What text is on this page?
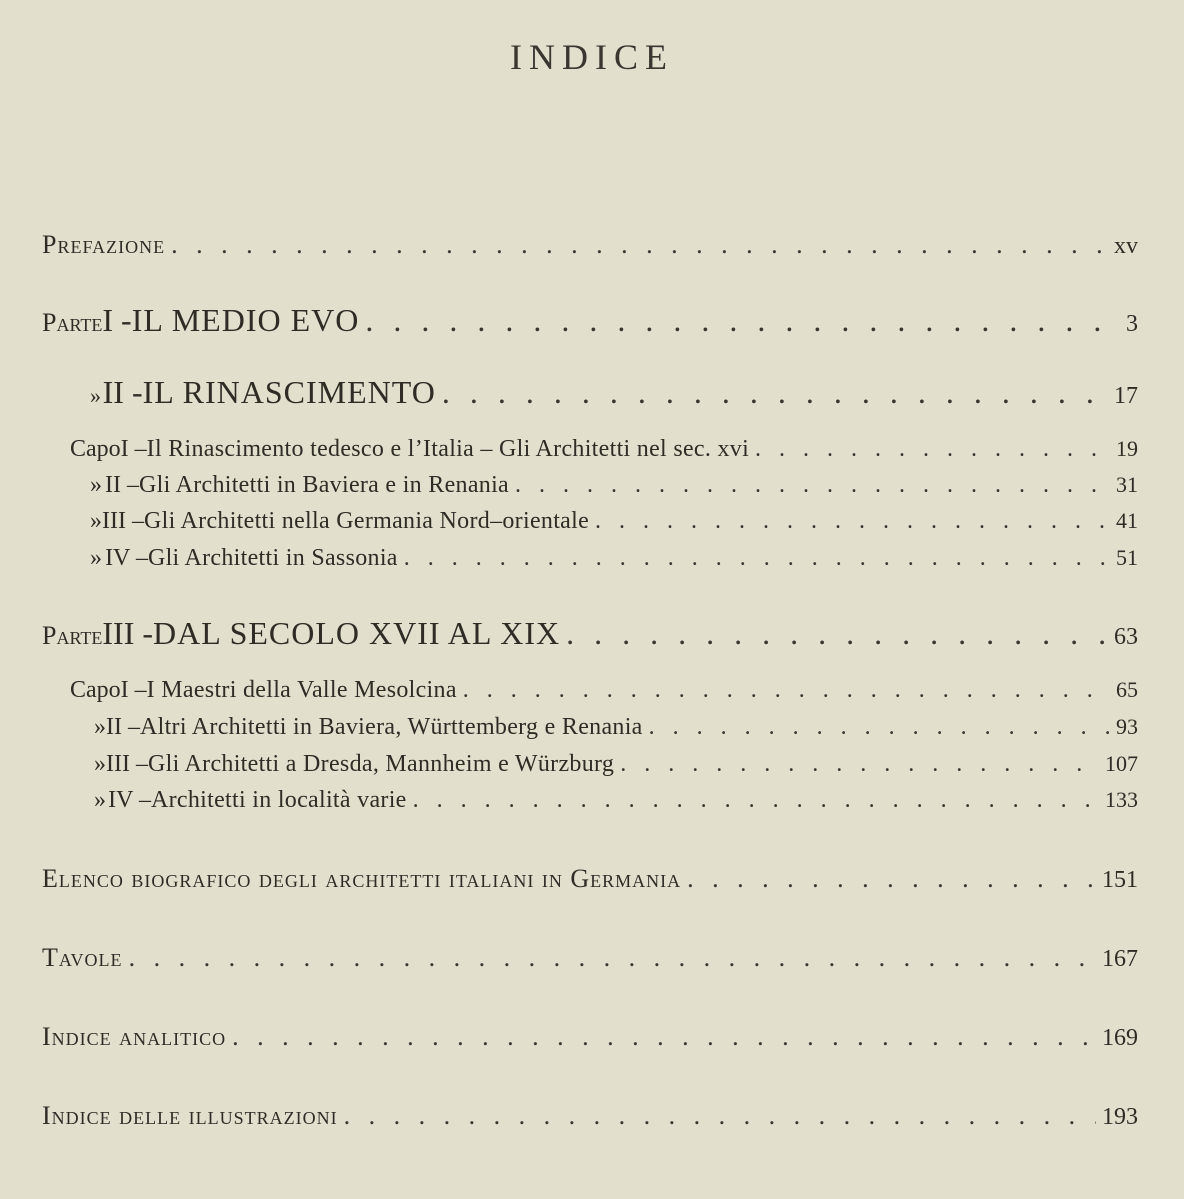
INDICE
Prefazione . . .	xv
Parte I - IL MEDIO EVO . . .	3
» II - IL RINASCIMENTO . . .	17
Capo I – Il Rinascimento tedesco e l’Italia – Gli Architetti nel sec. xvi . . .	19
» II – Gli Architetti in Baviera e in Renania . . .	31
» III – Gli Architetti nella Germania Nord–orientale . . .	41
» IV – Gli Architetti in Sassonia . . .	51
Parte III - DAL SECOLO XVII AL XIX . . .	63
Capo I – I Maestri della Valle Mesolcina . . .	65
» II – Altri Architetti in Baviera, Württemberg e Renania . . .	93
» III – Gli Architetti a Dresda, Mannheim e Würzburg . . .	107
» IV – Architetti in località varie . . .	133
Elenco biografico degli architetti italiani in Germania . . .	151
Tavole . . .	167
Indice analitico . . .	169
Indice delle illustrazioni . . .	193
